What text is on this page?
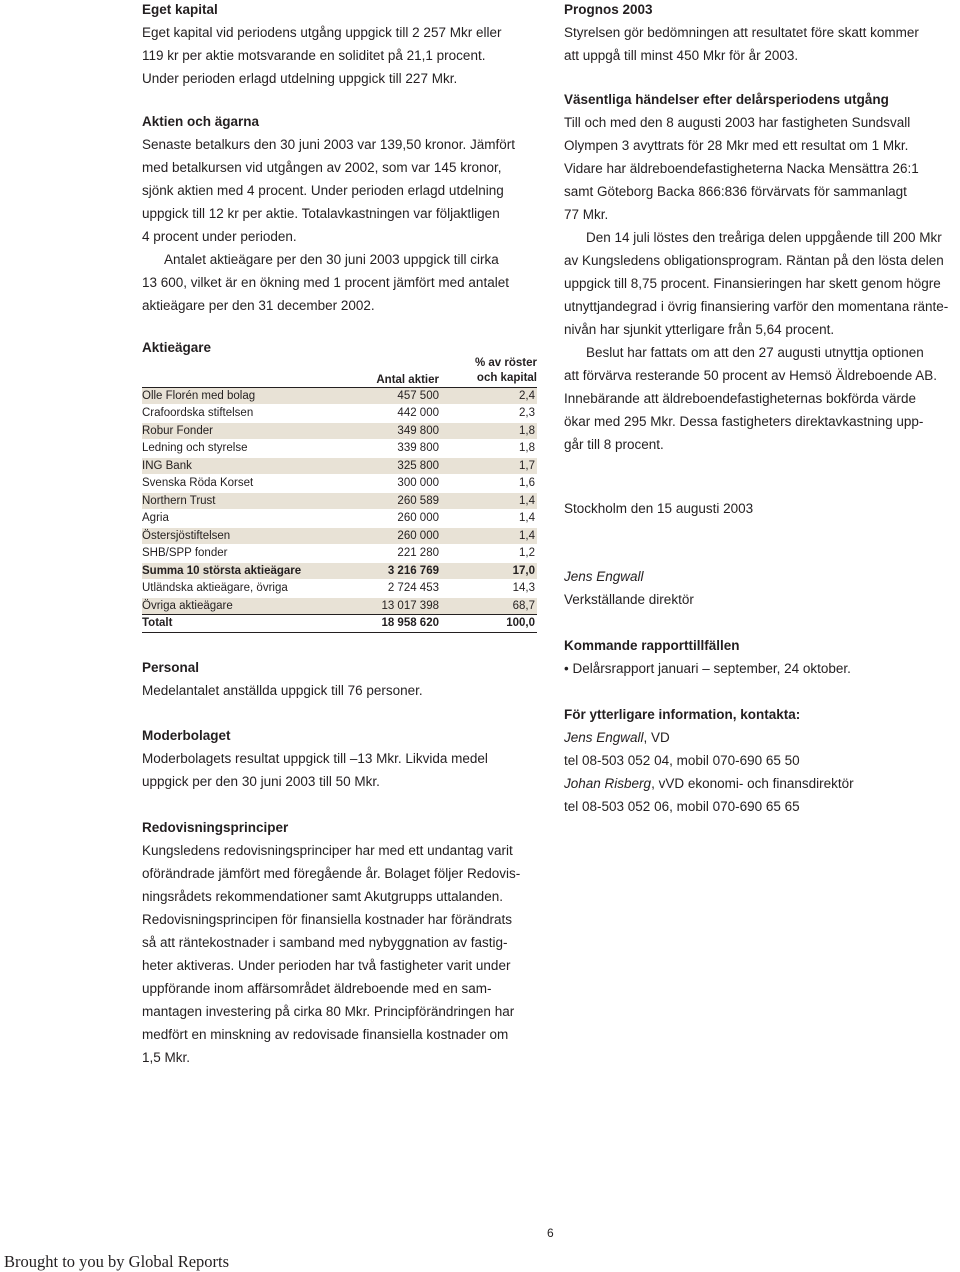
Eget kapital

Eget kapital vid periodens utgång uppgick till 2 257 Mkr eller

119 kr per aktie motsvarande en soliditet på 21,1 procent.

Under perioden erlagd utdelning uppgick till 227 Mkr.

Aktien och ägarna

Senaste betalkurs den 30 juni 2003 var 139,50 kronor. Jämfört

med betalkursen vid utgången av 2002, som var 145 kronor,

sjönk aktien med 4 procent. Under perioden erlagd utdelning

uppgick till 12 kr per aktie. Totalavkastningen var följaktligen

4 procent under perioden.

Antalet aktieägare per den 30 juni 2003 uppgick till cirka

13 600, vilket är en ökning med 1 procent jämfört med antalet

aktieägare per den 31 december 2002.

Aktieägare
Antal aktier
% av röster
och kapital
Olle Florén med bolag	457 500	2,4
Crafoordska stiftelsen	442 000	2,3
Robur Fonder	349 800	1,8
Ledning och styrelse	339 800	1,8
ING Bank	325 800	1,7
Svenska Röda Korset	300 000	1,6
Northern Trust	260 589	1,4
Agria	260 000	1,4
Östersjöstiftelsen	260 000	1,4
SHB/SPP fonder	221 280	1,2
Summa 10 största aktieägare	3 216 769	17,0
Utländska aktieägare, övriga	2 724 453	14,3
Övriga aktieägare	13 017 398	68,7
Totalt	18 958 620	100,0
Personal

Medelantalet anställda uppgick till 76 personer.

Moderbolaget

Moderbolagets resultat uppgick till –13 Mkr. Likvida medel

uppgick per den 30 juni 2003 till 50 Mkr.

Redovisningsprinciper

Kungsledens redovisningsprinciper har med ett undantag varit

oförändrade jämfört med föregående år. Bolaget följer Redovis-

ningsrådets rekommendationer samt Akutgrupps uttalanden.

Redovisningsprincipen för finansiella kostnader har förändrats

så att räntekostnader i samband med nybyggnation av fastig-

heter aktiveras. Under perioden har två fastigheter varit under

uppförande inom affärsområdet äldreboende med en sam-

mantagen investering på cirka 80 Mkr. Principförändringen har

medfört en minskning av redovisade finansiella kostnader om

1,5 Mkr.

Prognos 2003

Styrelsen gör bedömningen att resultatet före skatt kommer

att uppgå till minst 450 Mkr för år 2003.

Väsentliga händelser efter delårsperiodens utgång

Till och med den 8 augusti 2003 har fastigheten Sundsvall

Olympen 3 avyttrats för 28 Mkr med ett resultat om 1 Mkr.

Vidare har äldreboendefastigheterna Nacka Mensättra 26:1

samt Göteborg Backa 866:836 förvärvats för sammanlagt

77 Mkr.

Den 14 juli löstes den treåriga delen uppgående till 200 Mkr

av Kungsledens obligationsprogram. Räntan på den lösta delen

uppgick till 8,75 procent. Finansieringen har skett genom högre

utnyttjandegrad i övrig finansiering varför den momentana ränte-

nivån har sjunkit ytterligare från 5,64 procent.

Beslut har fattats om att den 27 augusti utnyttja optionen

att förvärva resterande 50 procent av Hemsö Äldreboende AB.

Innebärande att äldreboendefastigheternas bokförda värde

ökar med 295 Mkr. Dessa fastigheters direktavkastning upp-

går till 8 procent.

Stockholm den 15 augusti 2003

Jens Engwall

Verkställande direktör

Kommande rapporttillfällen

• Delårsrapport januari – september, 24 oktober.

För ytterligare information, kontakta:

Jens Engwall, VD

tel 08-503 052 04, mobil 070-690 65 50

Johan Risberg, vVD ekonomi- och finansdirektör

tel 08-503 052 06, mobil 070-690 65 65

6
Brought to you by Global Reports
